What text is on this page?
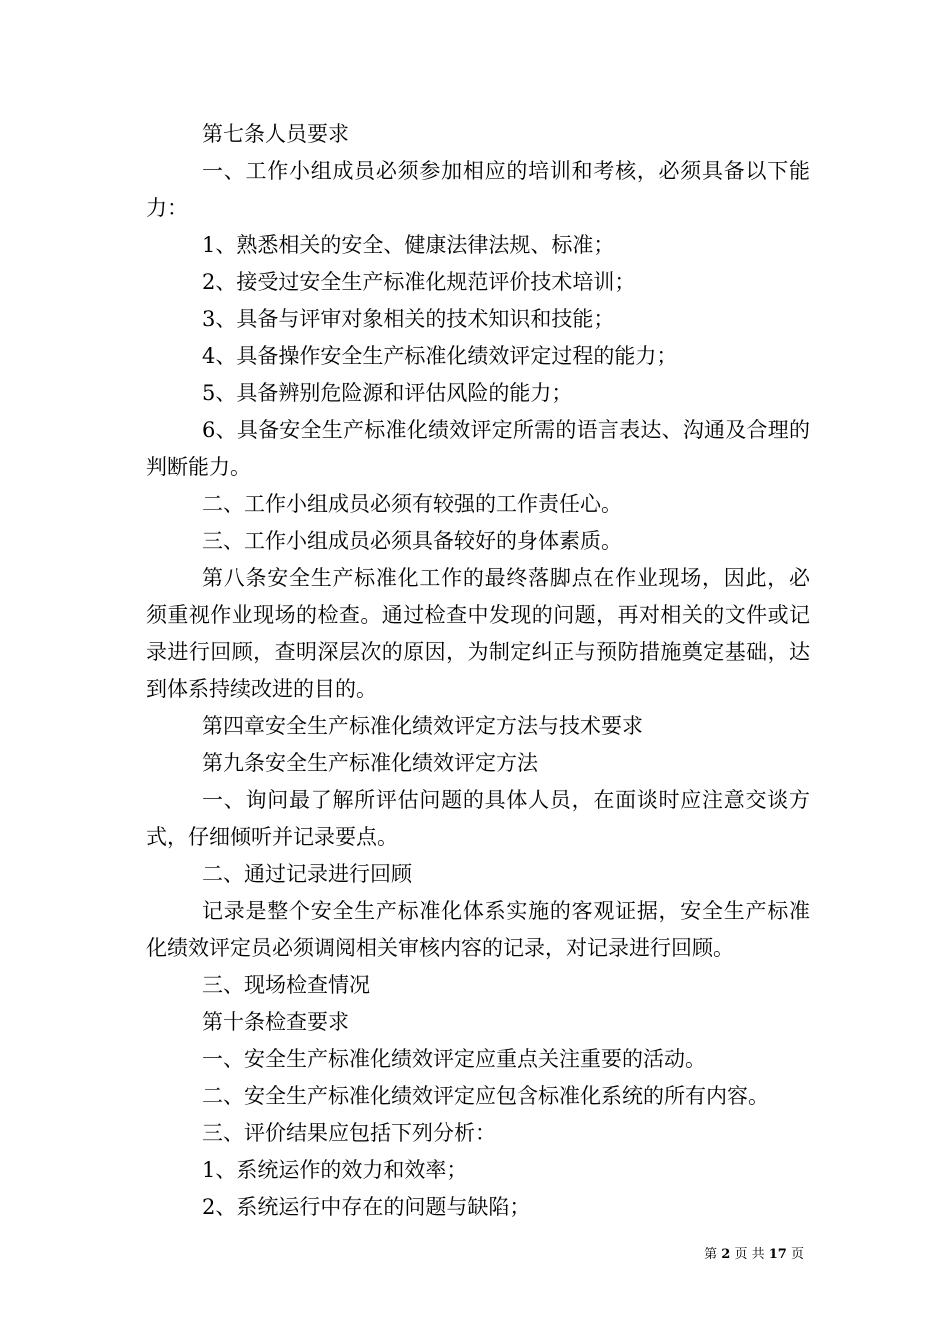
第七条人员要求

一、工作小组成员必须参加相应的培训和考核，必须具备以下能力：

1、熟悉相关的安全、健康法律法规、标准；

2、接受过安全生产标准化规范评价技术培训；

3、具备与评审对象相关的技术知识和技能；

4、具备操作安全生产标准化绩效评定过程的能力；

5、具备辨别危险源和评估风险的能力；

6、具备安全生产标准化绩效评定所需的语言表达、沟通及合理的判断能力。

二、工作小组成员必须有较强的工作责任心。

三、工作小组成员必须具备较好的身体素质。

第八条安全生产标准化工作的最终落脚点在作业现场，因此，必须重视作业现场的检查。通过检查中发现的问题，再对相关的文件或记录进行回顾，查明深层次的原因，为制定纠正与预防措施奠定基础，达到体系持续改进的目的。

第四章安全生产标准化绩效评定方法与技术要求

第九条安全生产标准化绩效评定方法

一、询问最了解所评估问题的具体人员，在面谈时应注意交谈方式，仔细倾听并记录要点。

二、通过记录进行回顾

记录是整个安全生产标准化体系实施的客观证据，安全生产标准化绩效评定员必须调阅相关审核内容的记录，对记录进行回顾。

三、现场检查情况

第十条检查要求

一、安全生产标准化绩效评定应重点关注重要的活动。

二、安全生产标准化绩效评定应包含标准化系统的所有内容。

三、评价结果应包括下列分析：

1、系统运作的效力和效率；

2、系统运行中存在的问题与缺陷；

第 2 页 共 17 页
